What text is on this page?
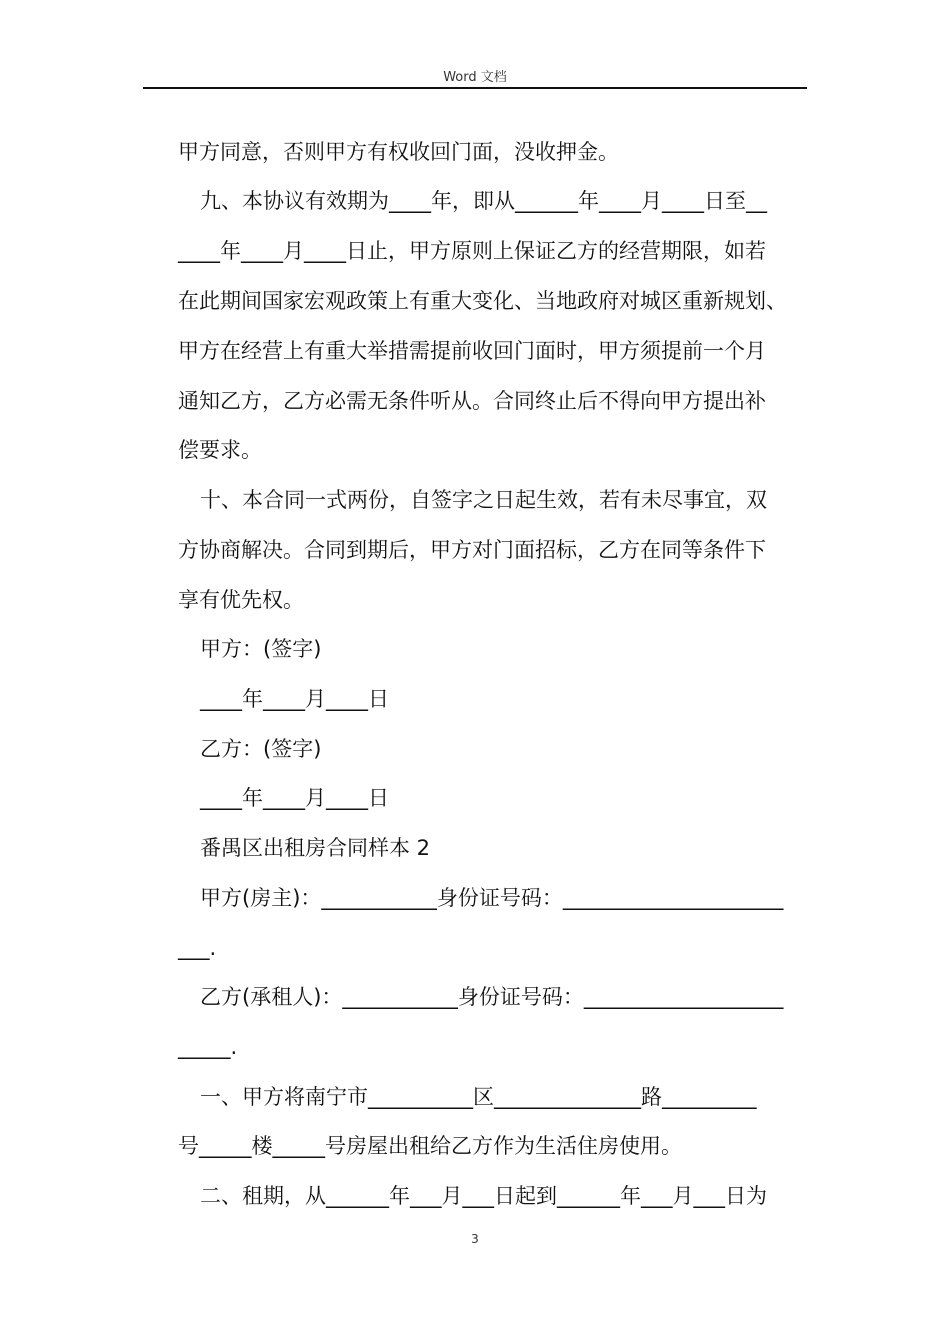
Word 文档
甲方同意，否则甲方有权收回门面，没收押金。
九、本协议有效期为____年，即从______年____月____日至__
____年____月____日止，甲方原则上保证乙方的经营期限，如若
在此期间国家宏观政策上有重大变化、当地政府对城区重新规划、
甲方在经营上有重大举措需提前收回门面时，甲方须提前一个月
通知乙方，乙方必需无条件听从。合同终止后不得向甲方提出补
偿要求。
十、本合同一式两份，自签字之日起生效，若有未尽事宜，双
方协商解决。合同到期后，甲方对门面招标，乙方在同等条件下
享有优先权。
甲方：(签字)
____年____月____日
乙方：(签字)
____年____月____日
番禺区出租房合同样本 2
甲方(房主)：___________身份证号码：_____________________
___.
乙方(承租人)：___________身份证号码：___________________
_____.
一、甲方将南宁市__________区______________路_________
号_____楼_____号房屋出租给乙方作为生活住房使用。
二、租期，从______年___月___日起到______年___月___日为
3
